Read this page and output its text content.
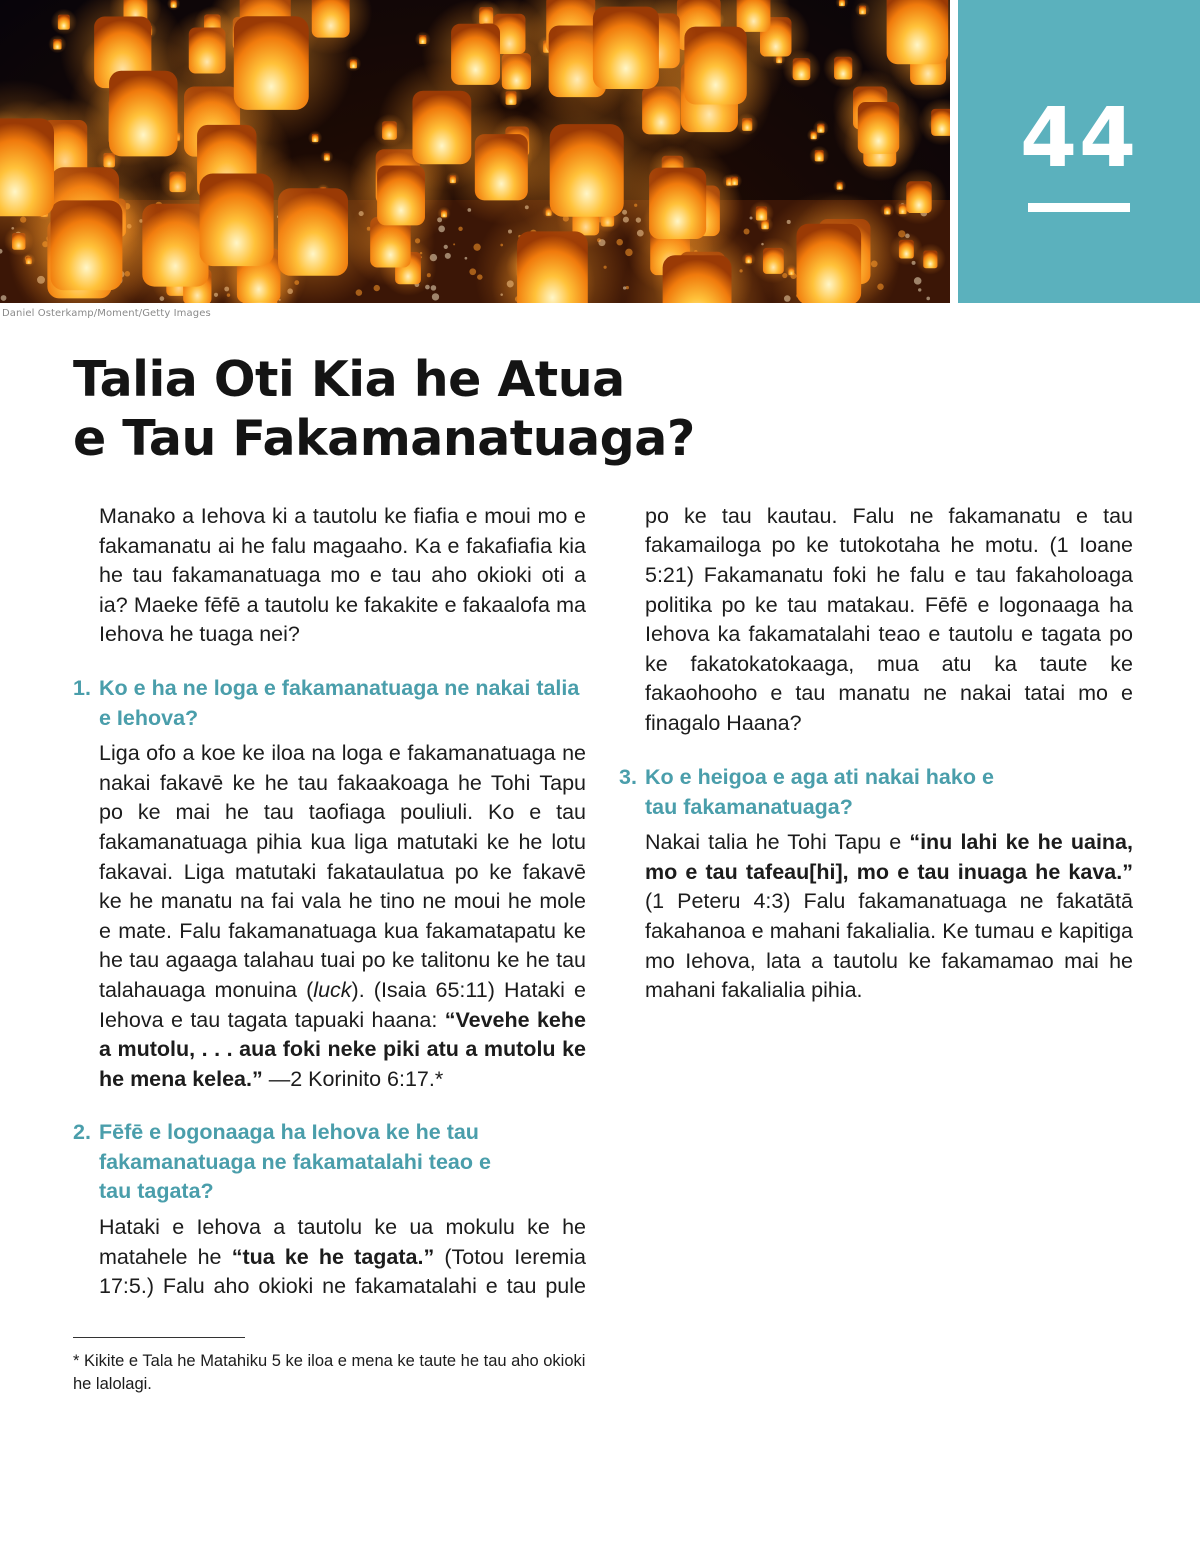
Daniel Osterkamp/Moment/Getty Images
44
Talia Oti Kia he Atua
e Tau Fakamanatuaga?

Manako a Iehova ki a tautolu ke fiafia e moui mo e fakamanatu ai he falu magaaho. Ka e fakafiafia kia he tau fakamanatuaga mo e tau aho okioki oti a ia? Maeke fēfē a tautolu ke fakakite e fakaalofa ma Iehova he tuaga nei?

1. Ko e ha ne loga e fakamanatuaga ne nakai talia e Iehova?

Liga ofo a koe ke iloa na loga e fakamanatuaga ne nakai fakavē ke he tau fakaakoaga he Tohi Tapu po ke mai he tau taofiaga pouliuli. Ko e tau fakamanatuaga pihia kua liga matutaki ke he lotu fakavai. Liga matutaki fakataulatua po ke fakavē ke he manatu na fai vala he tino ne moui he mole e mate. Falu fakamanatuaga kua fakamatapatu ke he tau agaaga talahau tuai po ke talitonu ke he tau talahauaga monuina (luck). (Isaia 65:11) Hataki e Iehova e tau tagata tapuaki haana: “Vevehe kehe a mutolu, . . . aua foki neke piki atu a mutolu ke he mena kelea.” —2 Korinito 6:17.*

2. Fēfē e logonaaga ha Iehova ke he tau fakamanatuaga ne fakamatalahi teao e tau tagata?

Hataki e Iehova a tautolu ke ua mokulu ke he matahele he “tua ke he tagata.” (Totou Ieremia 17:5.) Falu aho okioki ne fakamatalahi e tau pule

* Kikite e Tala he Matahiku 5 ke iloa e mena ke taute he tau aho okioki he lalolagi.

po ke tau kautau. Falu ne fakamanatu e tau fakamailoga po ke tutokotaha he motu. (1 Ioane 5:21) Fakamanatu foki he falu e tau fakaholoaga politika po ke tau matakau. Fēfē e logonaaga ha Iehova ka fakamatalahi teao e tautolu e tagata po ke fakatokatokaaga, mua atu ka taute ke fakaohooho e tau manatu ne nakai tatai mo e finagalo Haana?

3. Ko e heigoa e aga ati nakai hako e tau fakamanatuaga?

Nakai talia he Tohi Tapu e “inu lahi ke he uaina, mo e tau tafeau[hi], mo e tau inuaga he kava.” (1 Peteru 4:3) Falu fakamanatuaga ne fakatātā fakahanoa e mahani fakalialia. Ke tumau e kapitiga mo Iehova, lata a tautolu ke fakamamao mai he mahani fakalialia pihia.
